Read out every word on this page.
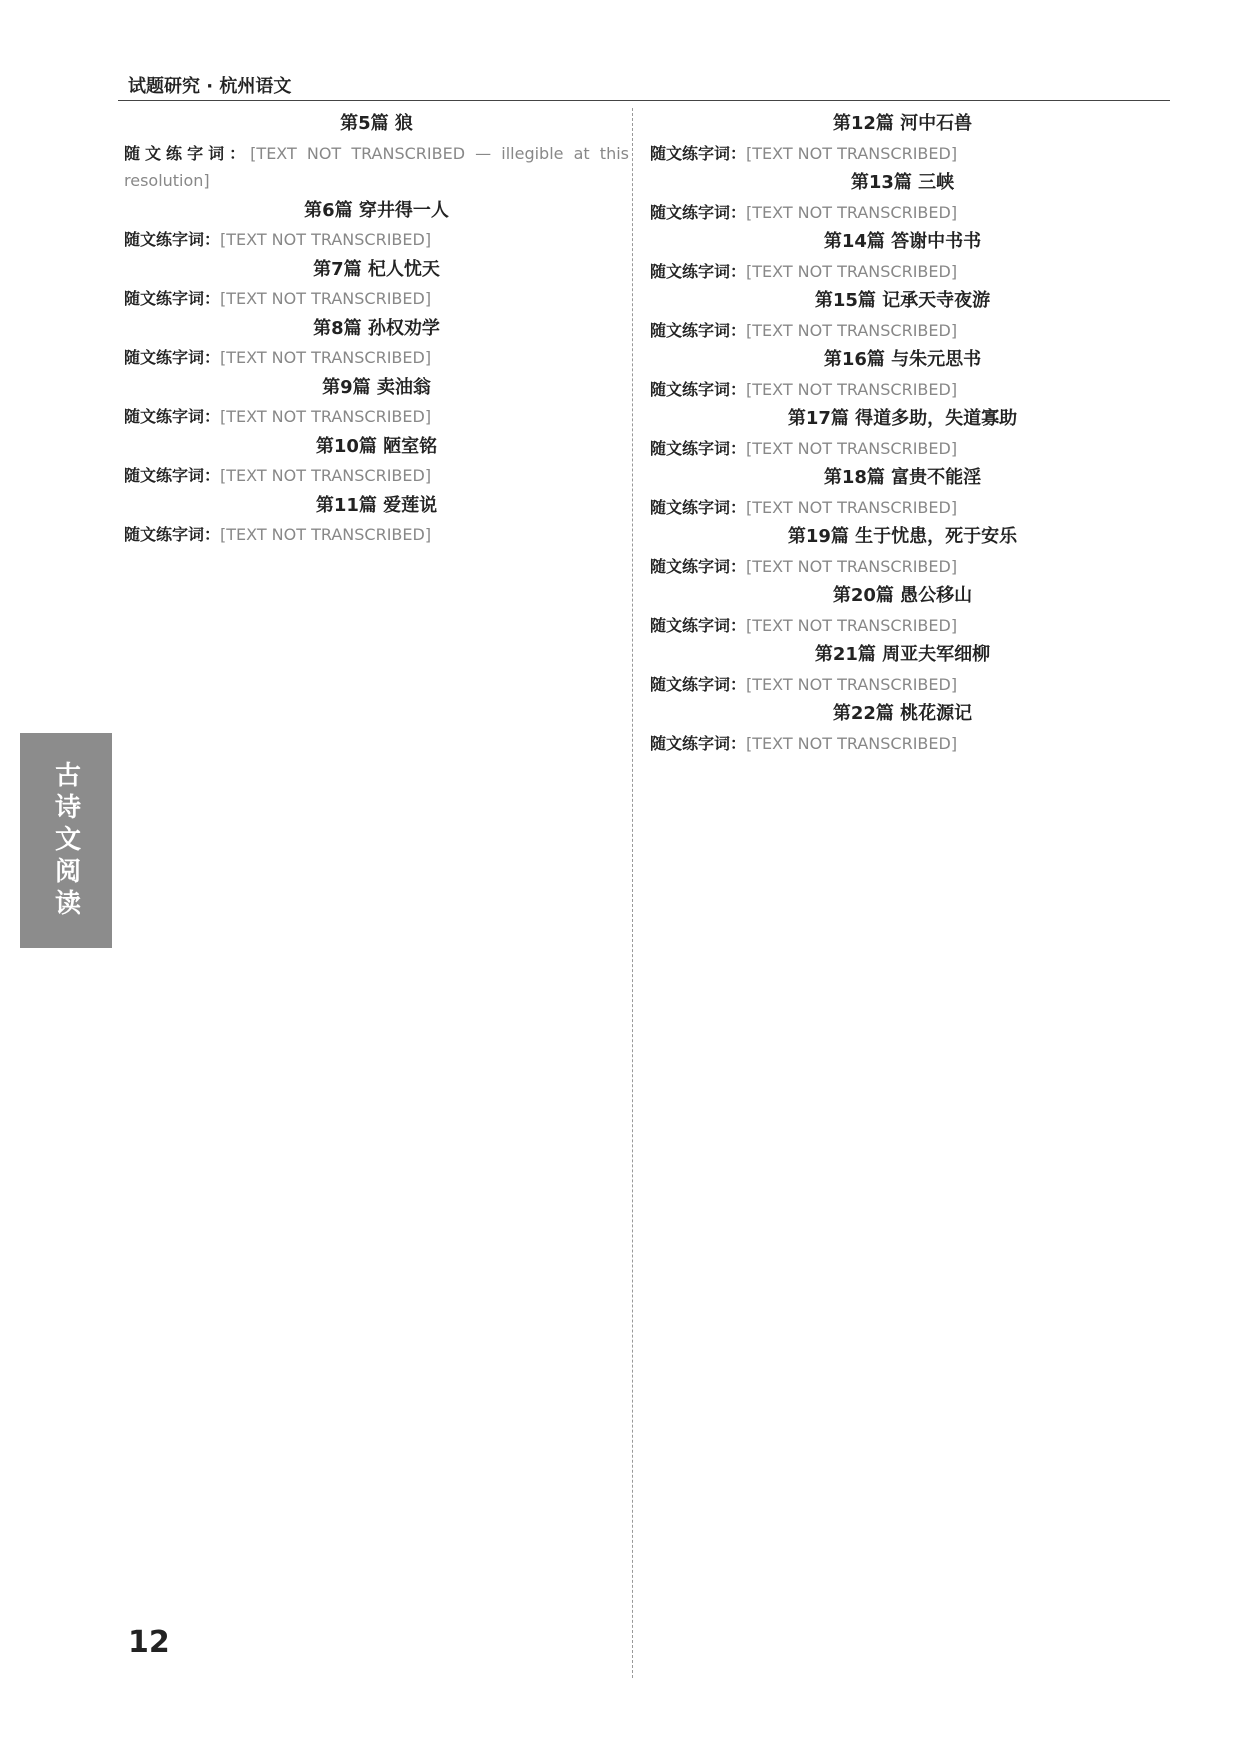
试题研究 · 杭州语文
第5篇 狼

随文练字词：[TEXT NOT TRANSCRIBED — illegible at this resolution]

第6篇 穿井得一人

随文练字词：[TEXT NOT TRANSCRIBED]

第7篇 杞人忧天

随文练字词：[TEXT NOT TRANSCRIBED]

第8篇 孙权劝学

随文练字词：[TEXT NOT TRANSCRIBED]

第9篇 卖油翁

随文练字词：[TEXT NOT TRANSCRIBED]

第10篇 陋室铭

随文练字词：[TEXT NOT TRANSCRIBED]

第11篇 爱莲说

随文练字词：[TEXT NOT TRANSCRIBED]

第12篇 河中石兽

随文练字词：[TEXT NOT TRANSCRIBED]

第13篇 三峡

随文练字词：[TEXT NOT TRANSCRIBED]

第14篇 答谢中书书

随文练字词：[TEXT NOT TRANSCRIBED]

第15篇 记承天寺夜游

随文练字词：[TEXT NOT TRANSCRIBED]

第16篇 与朱元思书

随文练字词：[TEXT NOT TRANSCRIBED]

第17篇 得道多助，失道寡助

随文练字词：[TEXT NOT TRANSCRIBED]

第18篇 富贵不能淫

随文练字词：[TEXT NOT TRANSCRIBED]

第19篇 生于忧患，死于安乐

随文练字词：[TEXT NOT TRANSCRIBED]

第20篇 愚公移山

随文练字词：[TEXT NOT TRANSCRIBED]

第21篇 周亚夫军细柳

随文练字词：[TEXT NOT TRANSCRIBED]

第22篇 桃花源记

随文练字词：[TEXT NOT TRANSCRIBED]

古诗文阅读
12
